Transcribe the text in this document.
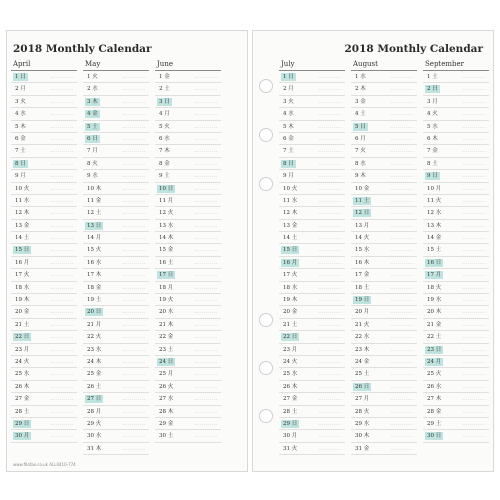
2018 Monthly Calendar
April
1 日
2 月
3 火
4 水
5 木
6 金
7 土
8 日
9 月
10 火
11 水
12 木
13 金
14 土
15 日
16 月
17 火
18 水
19 木
20 金
21 土
22 日
23 月
24 火
25 水
26 木
27 金
28 土
29 日
30 月
May
1 火
2 水
3 木
4 金
5 土
6 日
7 月
8 火
9 水
10 木
11 金
12 土
13 日
14 月
15 火
16 水
17 木
18 金
19 土
20 日
21 月
22 火
23 水
24 木
25 金
26 土
27 日
28 月
29 火
30 水
31 木
June
1 金
2 土
3 日
4 月
5 火
6 水
7 木
8 金
9 土
10 日
11 月
12 火
13 水
14 木
15 金
16 土
17 日
18 月
19 火
20 水
21 木
22 金
23 土
24 日
25 月
26 火
27 水
28 木
29 金
30 土
www.filofax.co.uk ALL0410-774
2018 Monthly Calendar
July
1 日
2 月
3 火
4 水
5 木
6 金
7 土
8 日
9 月
10 火
11 水
12 木
13 金
14 土
15 日
16 月
17 火
18 水
19 木
20 金
21 土
22 日
23 月
24 火
25 水
26 木
27 金
28 土
29 日
30 月
31 火
August
1 水
2 木
3 金
4 土
5 日
6 月
7 火
8 水
9 木
10 金
11 土
12 日
13 月
14 火
15 水
16 木
17 金
18 土
19 日
20 月
21 火
22 水
23 木
24 金
25 土
26 日
27 月
28 火
29 水
30 木
31 金
September
1 土
2 日
3 月
4 火
5 水
6 木
7 金
8 土
9 日
10 月
11 火
12 水
13 木
14 金
15 土
16 日
17 月
18 火
19 水
20 木
21 金
22 土
23 日
24 月
25 火
26 水
27 木
28 金
29 土
30 日
